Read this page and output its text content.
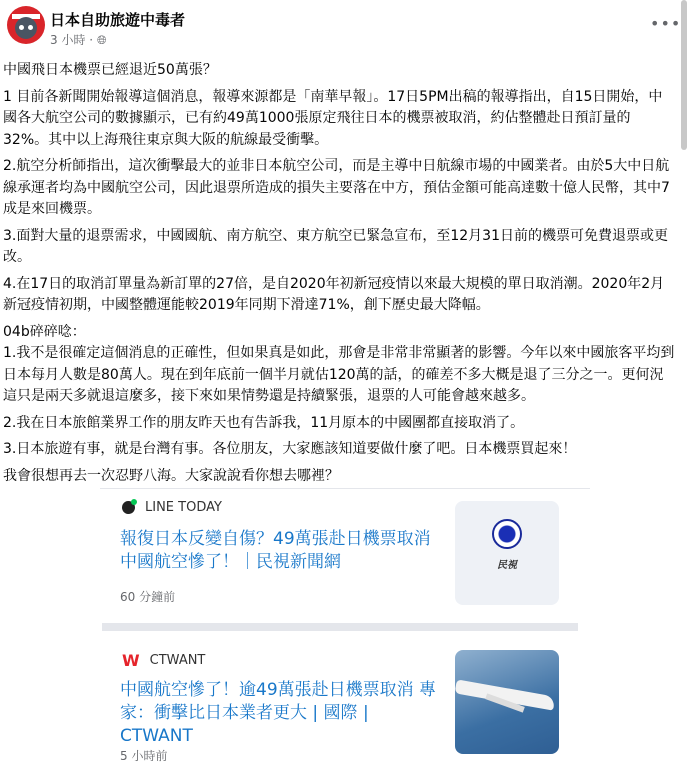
日本自助旅遊中毒者
3 小時 · 🌐︎
•••

中國飛日本機票已經退近50萬張？

1 目前各新聞開始報導這個消息，報導來源都是「南華早報」。17日5PM出稿的報導指出，自15日開始，中國各大航空公司的數據顯示，已有約49萬1000張原定飛往日本的機票被取消，約佔整體赴日預訂量的32%。其中以上海飛往東京與大阪的航線最受衝擊。

2.航空分析師指出，這次衝擊最大的並非日本航空公司，而是主導中日航線市場的中國業者。由於5大中日航線承運者均為中國航空公司，因此退票所造成的損失主要落在中方，預估金額可能高達數十億人民幣，其中7成是來回機票。

3.面對大量的退票需求，中國國航、南方航空、東方航空已緊急宣布，至12月31日前的機票可免費退票或更改。

4.在17日的取消訂單量為新訂單的27倍，是自2020年初新冠疫情以來最大規模的單日取消潮。2020年2月新冠疫情初期，中國整體運能較2019年同期下滑達71%，創下歷史最大降幅。

04b碎碎唸：

1.我不是很確定這個消息的正確性，但如果真是如此，那會是非常非常顯著的影響。今年以來中國旅客平均到日本每月人數是80萬人。現在到年底前一個半月就估120萬的話，的確差不多大概是退了三分之一。更何況這只是兩天多就退這麼多，接下來如果情勢還是持續緊張，退票的人可能會越來越多。

2.我在日本旅館業界工作的朋友昨天也有告訴我，11月原本的中國團都直接取消了。

3.日本旅遊有事，就是台灣有事。各位朋友，大家應該知道要做什麼了吧。日本機票買起來！

我會很想再去一次忍野八海。大家說說看你想去哪裡？

LINE TODAY
報復日本反變自傷？49萬張赴日機票取消中國航空慘了！｜民視新聞網
60 分鐘前
民視
W CTWANT
中國航空慘了！逾49萬張赴日機票取消 專家：衝擊比日本業者更大 | 國際 | CTWANT
5 小時前
